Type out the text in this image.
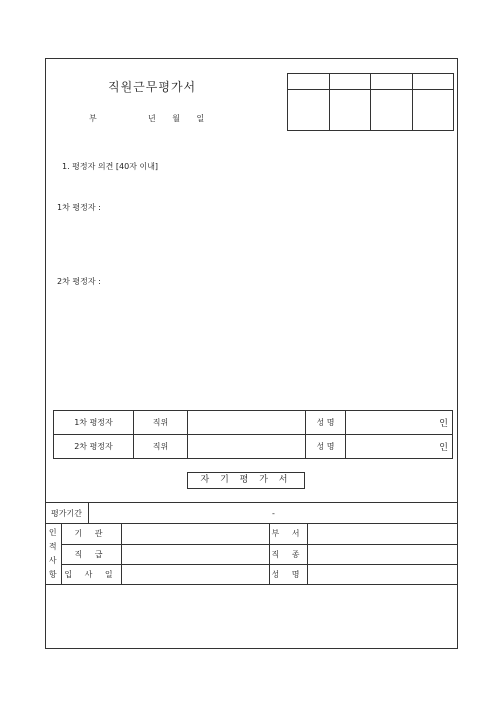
직원근무평가서
부	년 월 일

1. 평정자 의견 [40자 이내]
1차 평정자 :
2차 평정자 :
1차 평정자	직위		성 명	인
2차 평정자	직위		성 명	인
자 기 평 가 서
평가기간	-
인적사항	기 관		부 서	
	직 급		직 종	
	입 사 일		성 명	
